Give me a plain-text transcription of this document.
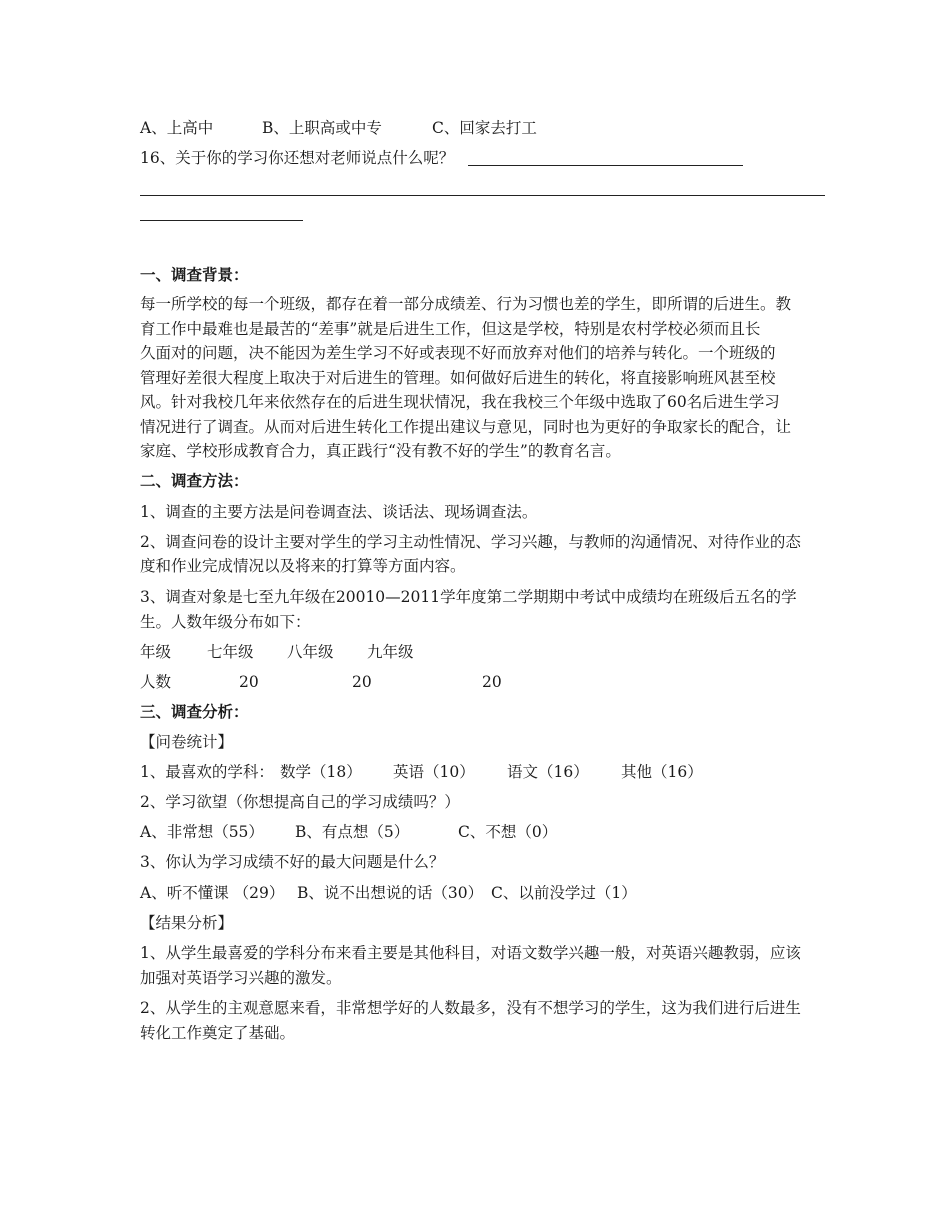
A、上高中	B、上职高或中专	C、回家去打工
16、关于你的学习你还想对老师说点什么呢？
一、调查背景：
每一所学校的每一个班级，都存在着一部分成绩差、行为习惯也差的学生，即所谓的后进生。教
育工作中最难也是最苦的“差事”就是后进生工作，但这是学校，特别是农村学校必须而且长
久面对的问题，决不能因为差生学习不好或表现不好而放弃对他们的培养与转化。一个班级的
管理好差很大程度上取决于对后进生的管理。如何做好后进生的转化，将直接影响班风甚至校
风。针对我校几年来依然存在的后进生现状情况，我在我校三个年级中选取了60名后进生学习
情况进行了调查。从而对后进生转化工作提出建议与意见，同时也为更好的争取家长的配合，让
家庭、学校形成教育合力，真正践行“没有教不好的学生”的教育名言。
二、调查方法：
1、调查的主要方法是问卷调查法、谈话法、现场调查法。
2、调查问卷的设计主要对学生的学习主动性情况、学习兴趣，与教师的沟通情况、对待作业的态
度和作业完成情况以及将来的打算等方面内容。
3、调查对象是七至九年级在20010—2011学年度第二学期期中考试中成绩均在班级后五名的学
生。人数年级分布如下：
年级 七年级 八年级 九年级
人数	20	20	20
三、调查分析：
【问卷统计】
1、最喜欢的学科： 数学（18） 英语（10） 语文（16） 其他（16）
2、学习欲望（你想提高自己的学习成绩吗？）
A、非常想（55） B、有点想（5）	C、不想（0）
3、你认为学习成绩不好的最大问题是什么？
A、听不懂课 （29） B、说不出想说的话（30） C、以前没学过（1）
【结果分析】
1、从学生最喜爱的学科分布来看主要是其他科目，对语文数学兴趣一般，对英语兴趣教弱，应该
加强对英语学习兴趣的激发。
2、从学生的主观意愿来看，非常想学好的人数最多，没有不想学习的学生，这为我们进行后进生
转化工作奠定了基础。
